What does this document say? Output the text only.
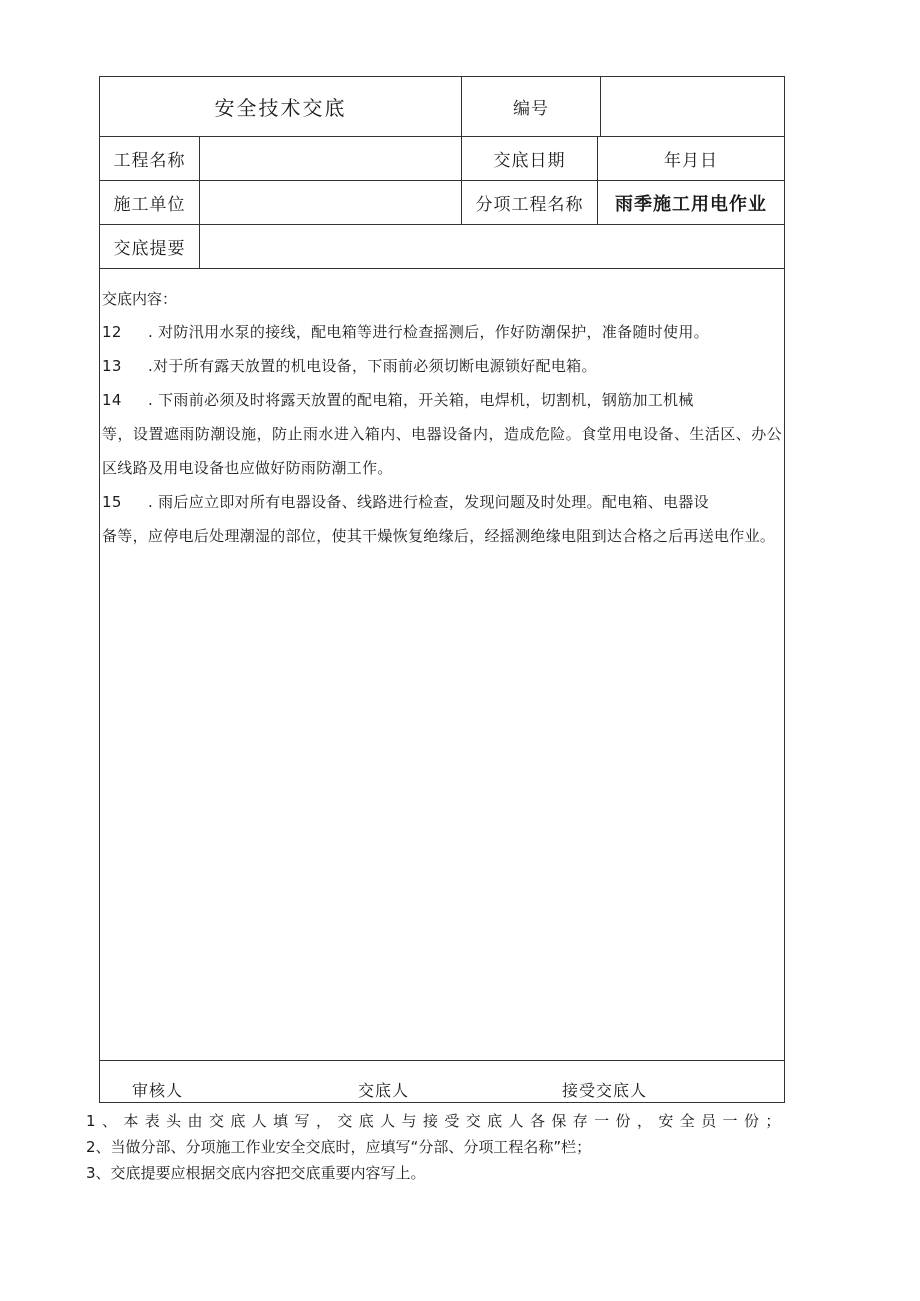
安全技术交底	编号
工程名称	交底日期	年月日
施工单位	分项工程名称	雨季施工用电作业
交底提要
交底内容：
12	. 对防汛用水泵的接线，配电箱等进行检查摇测后，作好防潮保护，准备随时使用。
13	.对于所有露天放置的机电设备，下雨前必须切断电源锁好配电箱。
14	. 下雨前必须及时将露天放置的配电箱，开关箱，电焊机，切割机，钢筋加工机械
等，设置遮雨防潮设施，防止雨水进入箱内、电器设备内，造成危险。食堂用电设备、生活区、办公区线路及用电设备也应做好防雨防潮工作。
15	. 雨后应立即对所有电器设备、线路进行检查，发现问题及时处理。配电箱、电器设
备等，应停电后处理潮湿的部位，使其干燥恢复绝缘后，经摇测绝缘电阻到达合格之后再送电作业。
审核人	交底人	接受交底人
1、本表头由交底人填写，交底人与接受交底人各保存一份，安全员一份；
2、当做分部、分项施工作业安全交底时，应填写“分部、分项工程名称”栏；
3、交底提要应根据交底内容把交底重要内容写上。
